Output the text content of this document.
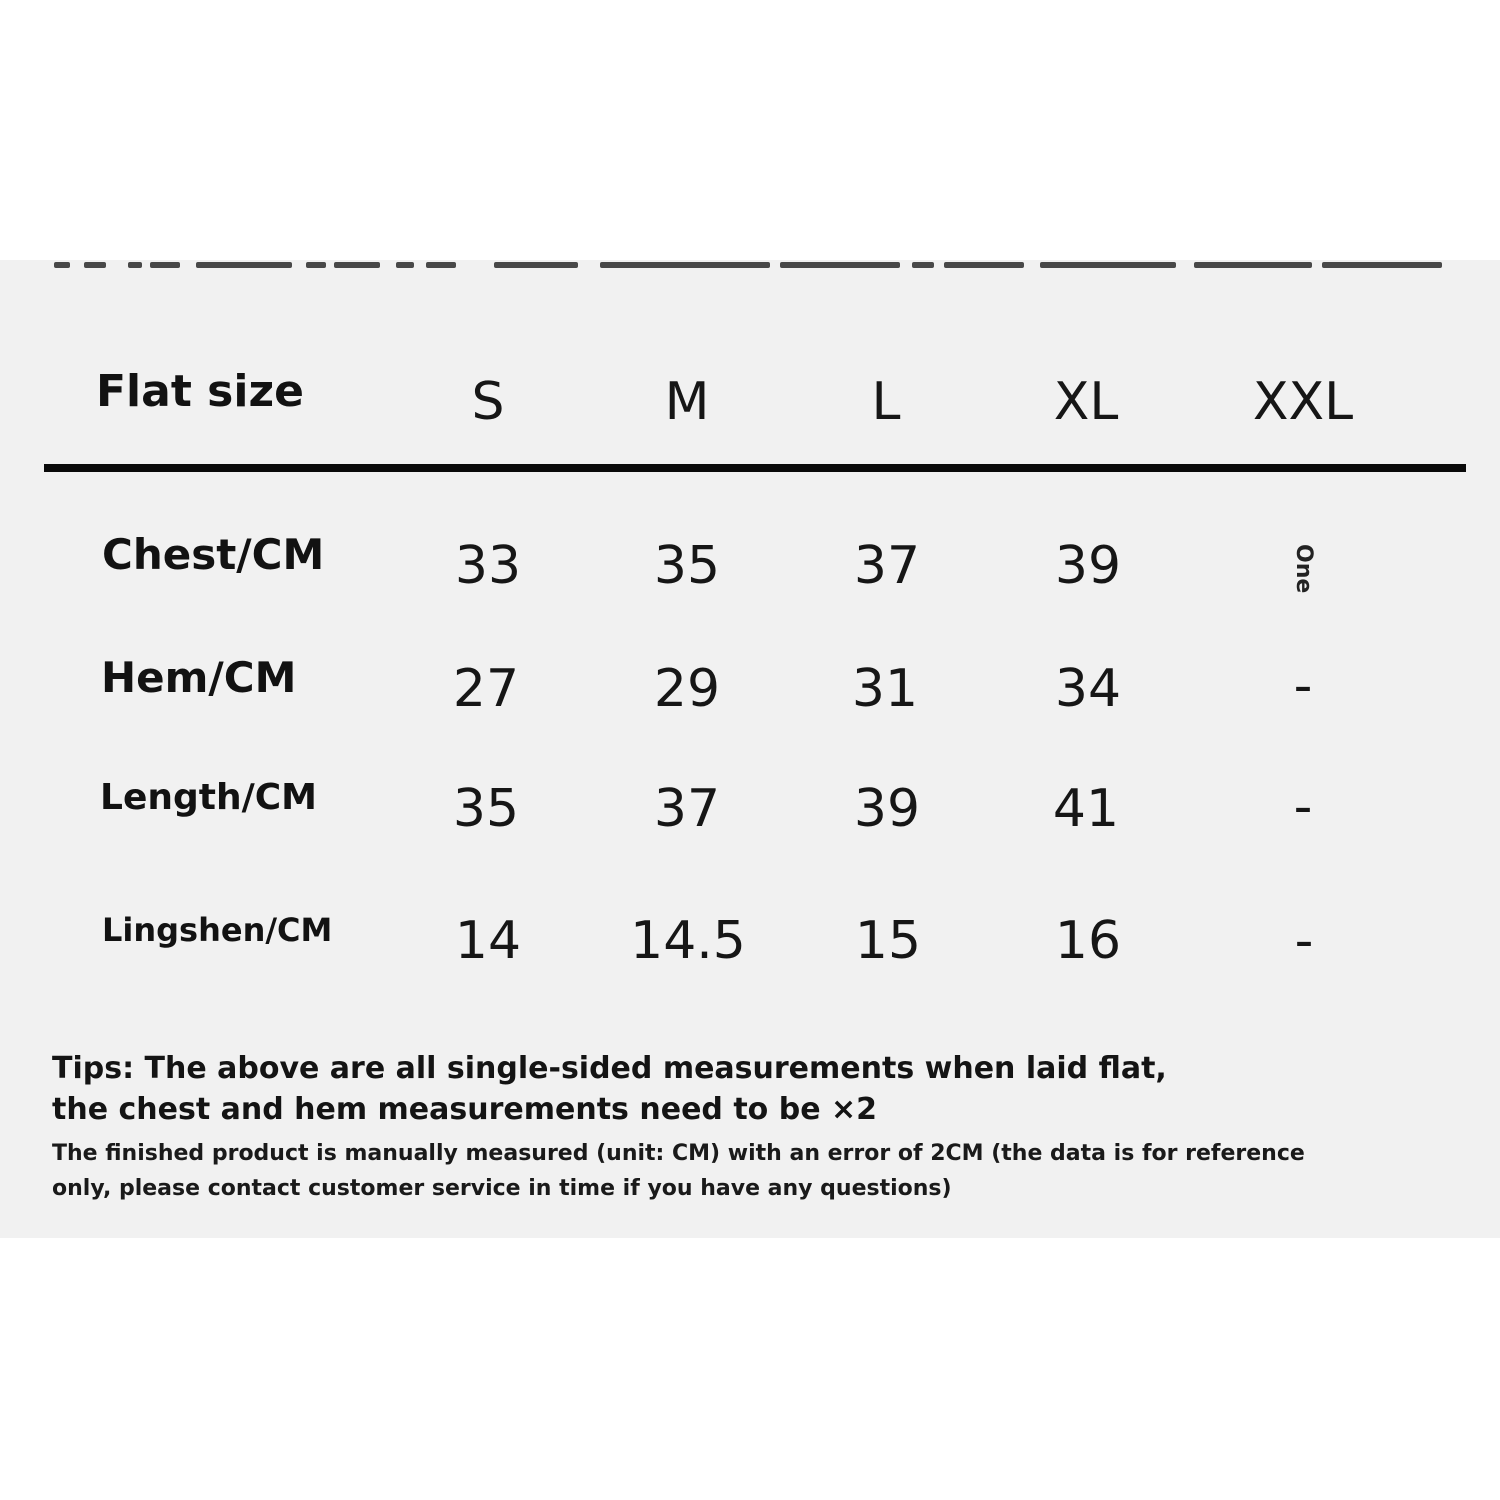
Flat size	S	M	L	XL	XXL
Chest/CM	33	35	37	39	One
Hem/CM	27	29	31	34	-
Length/CM	35	37	39	41	-
Lingshen/CM	14	14.5	15	16	-
Tips: The above are all single-sided measurements when laid flat,
the chest and hem measurements need to be ×2
The finished product is manually measured (unit: CM) with an error of 2CM (the data is for reference
only, please contact customer service in time if you have any questions)
